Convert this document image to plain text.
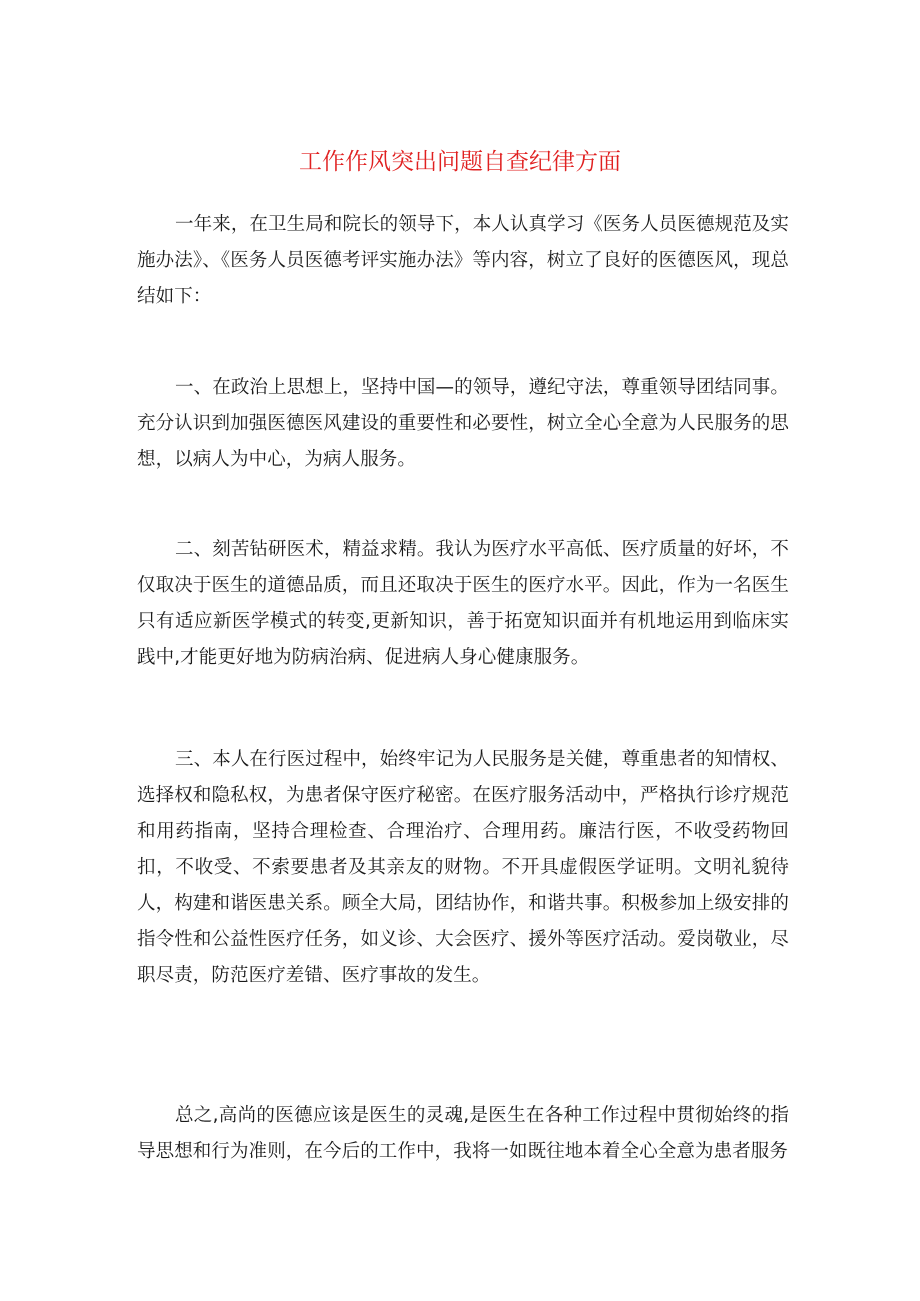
工作作风突出问题自查纪律方面

一年来，在卫生局和院长的领导下，本人认真学习《医务人员医德规范及实施办法》、《医务人员医德考评实施办法》等内容，树立了良好的医德医风，现总结如下：

一、在政治上思想上，坚持中国—的领导，遵纪守法，尊重领导团结同事。充分认识到加强医德医风建设的重要性和必要性，树立全心全意为人民服务的思想，以病人为中心，为病人服务。

二、刻苦钻研医术，精益求精。我认为医疗水平高低、医疗质量的好坏，不仅取决于医生的道德品质，而且还取决于医生的医疗水平。因此，作为一名医生只有适应新医学模式的转变,更新知识，善于拓宽知识面并有机地运用到临床实践中,才能更好地为防病治病、促进病人身心健康服务。

三、本人在行医过程中，始终牢记为人民服务是关健，尊重患者的知情权、选择权和隐私权，为患者保守医疗秘密。在医疗服务活动中，严格执行诊疗规范和用药指南，坚持合理检查、合理治疗、合理用药。廉洁行医，不收受药物回扣，不收受、不索要患者及其亲友的财物。不开具虚假医学证明。文明礼貌待人，构建和谐医患关系。顾全大局，团结协作，和谐共事。积极参加上级安排的指令性和公益性医疗任务，如义诊、大会医疗、援外等医疗活动。爱岗敬业，尽职尽责，防范医疗差错、医疗事故的发生。

总之,高尚的医德应该是医生的灵魂,是医生在各种工作过程中贯彻始终的指导思想和行为准则，在今后的工作中，我将一如既往地本着全心全意为患者服务
